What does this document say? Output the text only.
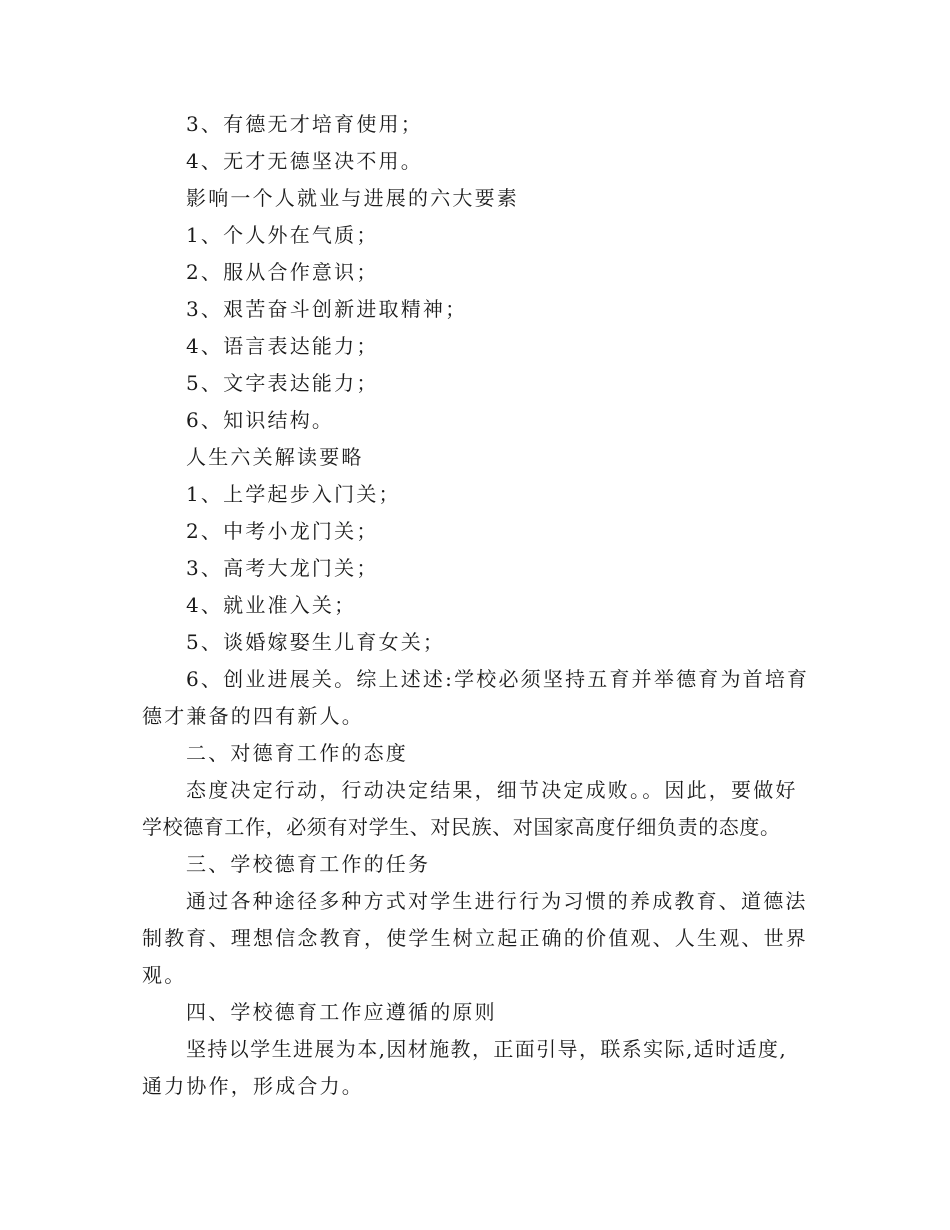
3、有德无才培育使用；

4、无才无德坚决不用。

影响一个人就业与进展的六大要素

1、个人外在气质；

2、服从合作意识；

3、艰苦奋斗创新进取精神；

4、语言表达能力；

5、文字表达能力；

6、知识结构。

人生六关解读要略

1、上学起步入门关；

2、中考小龙门关；

3、高考大龙门关；

4、就业准入关；

5、谈婚嫁娶生儿育女关；

6、创业进展关。综上述述:学校必须坚持五育并举德育为首培育

德才兼备的四有新人。

二、对德育工作的态度

态度决定行动，行动决定结果，细节决定成败。。因此，要做好

学校德育工作，必须有对学生、对民族、对国家高度仔细负责的态度。

三、学校德育工作的任务

通过各种途径多种方式对学生进行行为习惯的养成教育、道德法

制教育、理想信念教育，使学生树立起正确的价值观、人生观、世界

观。

四、学校德育工作应遵循的原则

坚持以学生进展为本,因材施教，正面引导，联系实际,适时适度,

通力协作，形成合力。
